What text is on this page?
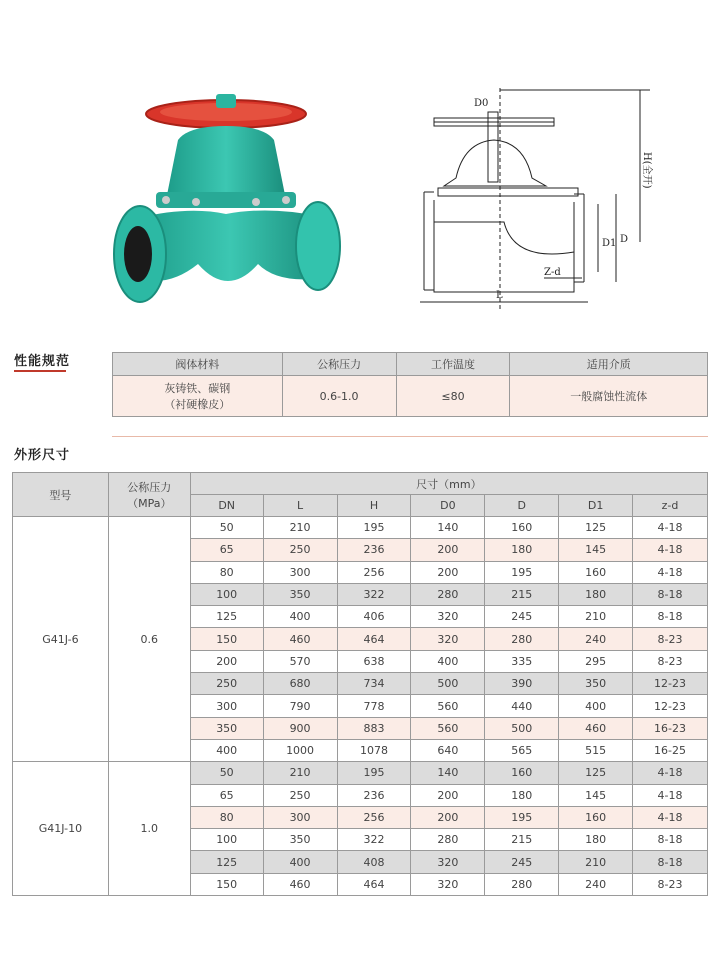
D0
H(全开)
D1 D
Z-d
L
性能规范	阀体材料	公称压力	工作温度	适用介质

灰铸铁、碳钢
（衬硬橡皮）	0.6-1.0	≤80	一般腐蚀性流体
外形尺寸
型号	公称压力
（MPa）	尺寸（mm）						
		DN	L	H	D0	D	D1	z-d
G41J-6	0.6	50	210	195	140	160	125	4-18
		65	250	236	200	180	145	4-18
		80	300	256	200	195	160	4-18
		100	350	322	280	215	180	8-18
		125	400	406	320	245	210	8-18
		150	460	464	320	280	240	8-23
		200	570	638	400	335	295	8-23
		250	680	734	500	390	350	12-23
		300	790	778	560	440	400	12-23
		350	900	883	560	500	460	16-23
		400	1000	1078	640	565	515	16-25
G41J-10	1.0	50	210	195	140	160	125	4-18
		65	250	236	200	180	145	4-18
		80	300	256	200	195	160	4-18
		100	350	322	280	215	180	8-18
		125	400	408	320	245	210	8-18
		150	460	464	320	280	240	8-23
